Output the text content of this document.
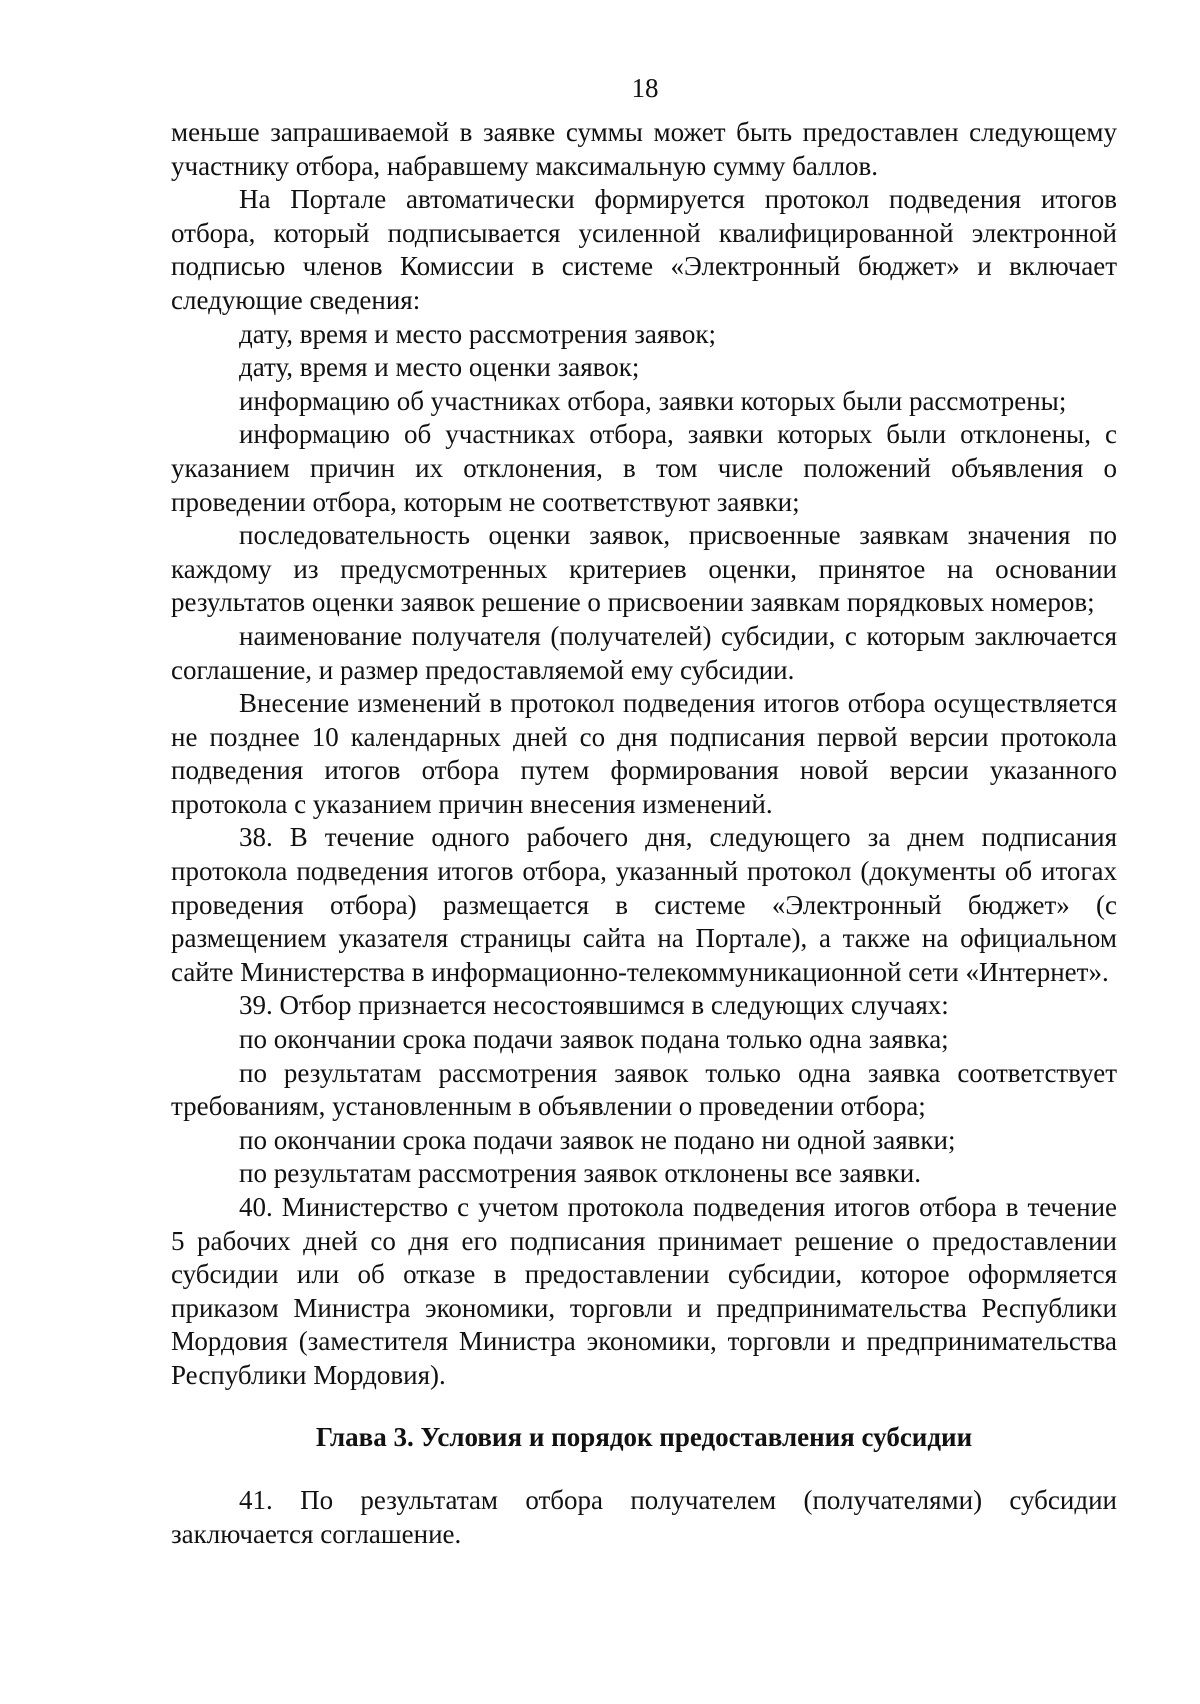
18

меньше запрашиваемой в заявке суммы может быть предоставлен следующему участнику отбора, набравшему максимальную сумму баллов.

На Портале автоматически формируется протокол подведения итогов отбора, который подписывается усиленной квалифицированной электронной подписью членов Комиссии в системе «Электронный бюджет» и включает следующие сведения:

дату, время и место рассмотрения заявок;

дату, время и место оценки заявок;

информацию об участниках отбора, заявки которых были рассмотрены;

информацию об участниках отбора, заявки которых были отклонены, с указанием причин их отклонения, в том числе положений объявления о проведении отбора, которым не соответствуют заявки;

последовательность оценки заявок, присвоенные заявкам значения по каждому из предусмотренных критериев оценки, принятое на основании результатов оценки заявок решение о присвоении заявкам порядковых номеров;

наименование получателя (получателей) субсидии, с которым заключается соглашение, и размер предоставляемой ему субсидии.

Внесение изменений в протокол подведения итогов отбора осуществляется не позднее 10 календарных дней со дня подписания первой версии протокола подведения итогов отбора путем формирования новой версии указанного протокола с указанием причин внесения изменений.

38. В течение одного рабочего дня, следующего за днем подписания протокола подведения итогов отбора, указанный протокол (документы об итогах проведения отбора) размещается в системе «Электронный бюджет» (с размещением указателя страницы сайта на Портале), а также на официальном сайте Министерства в информационно-телекоммуникационной сети «Интернет».

39. Отбор признается несостоявшимся в следующих случаях:

по окончании срока подачи заявок подана только одна заявка;

по результатам рассмотрения заявок только одна заявка соответствует требованиям, установленным в объявлении о проведении отбора;

по окончании срока подачи заявок не подано ни одной заявки;

по результатам рассмотрения заявок отклонены все заявки.

40. Министерство с учетом протокола подведения итогов отбора в течение 5 рабочих дней со дня его подписания принимает решение о предоставлении субсидии или об отказе в предоставлении субсидии, которое оформляется приказом Министра экономики, торговли и предпринимательства Республики Мордовия (заместителя Министра экономики, торговли и предпринимательства Республики Мордовия).

Глава 3. Условия и порядок предоставления субсидии

41. По результатам отбора получателем (получателями) субсидии заключается соглашение.
